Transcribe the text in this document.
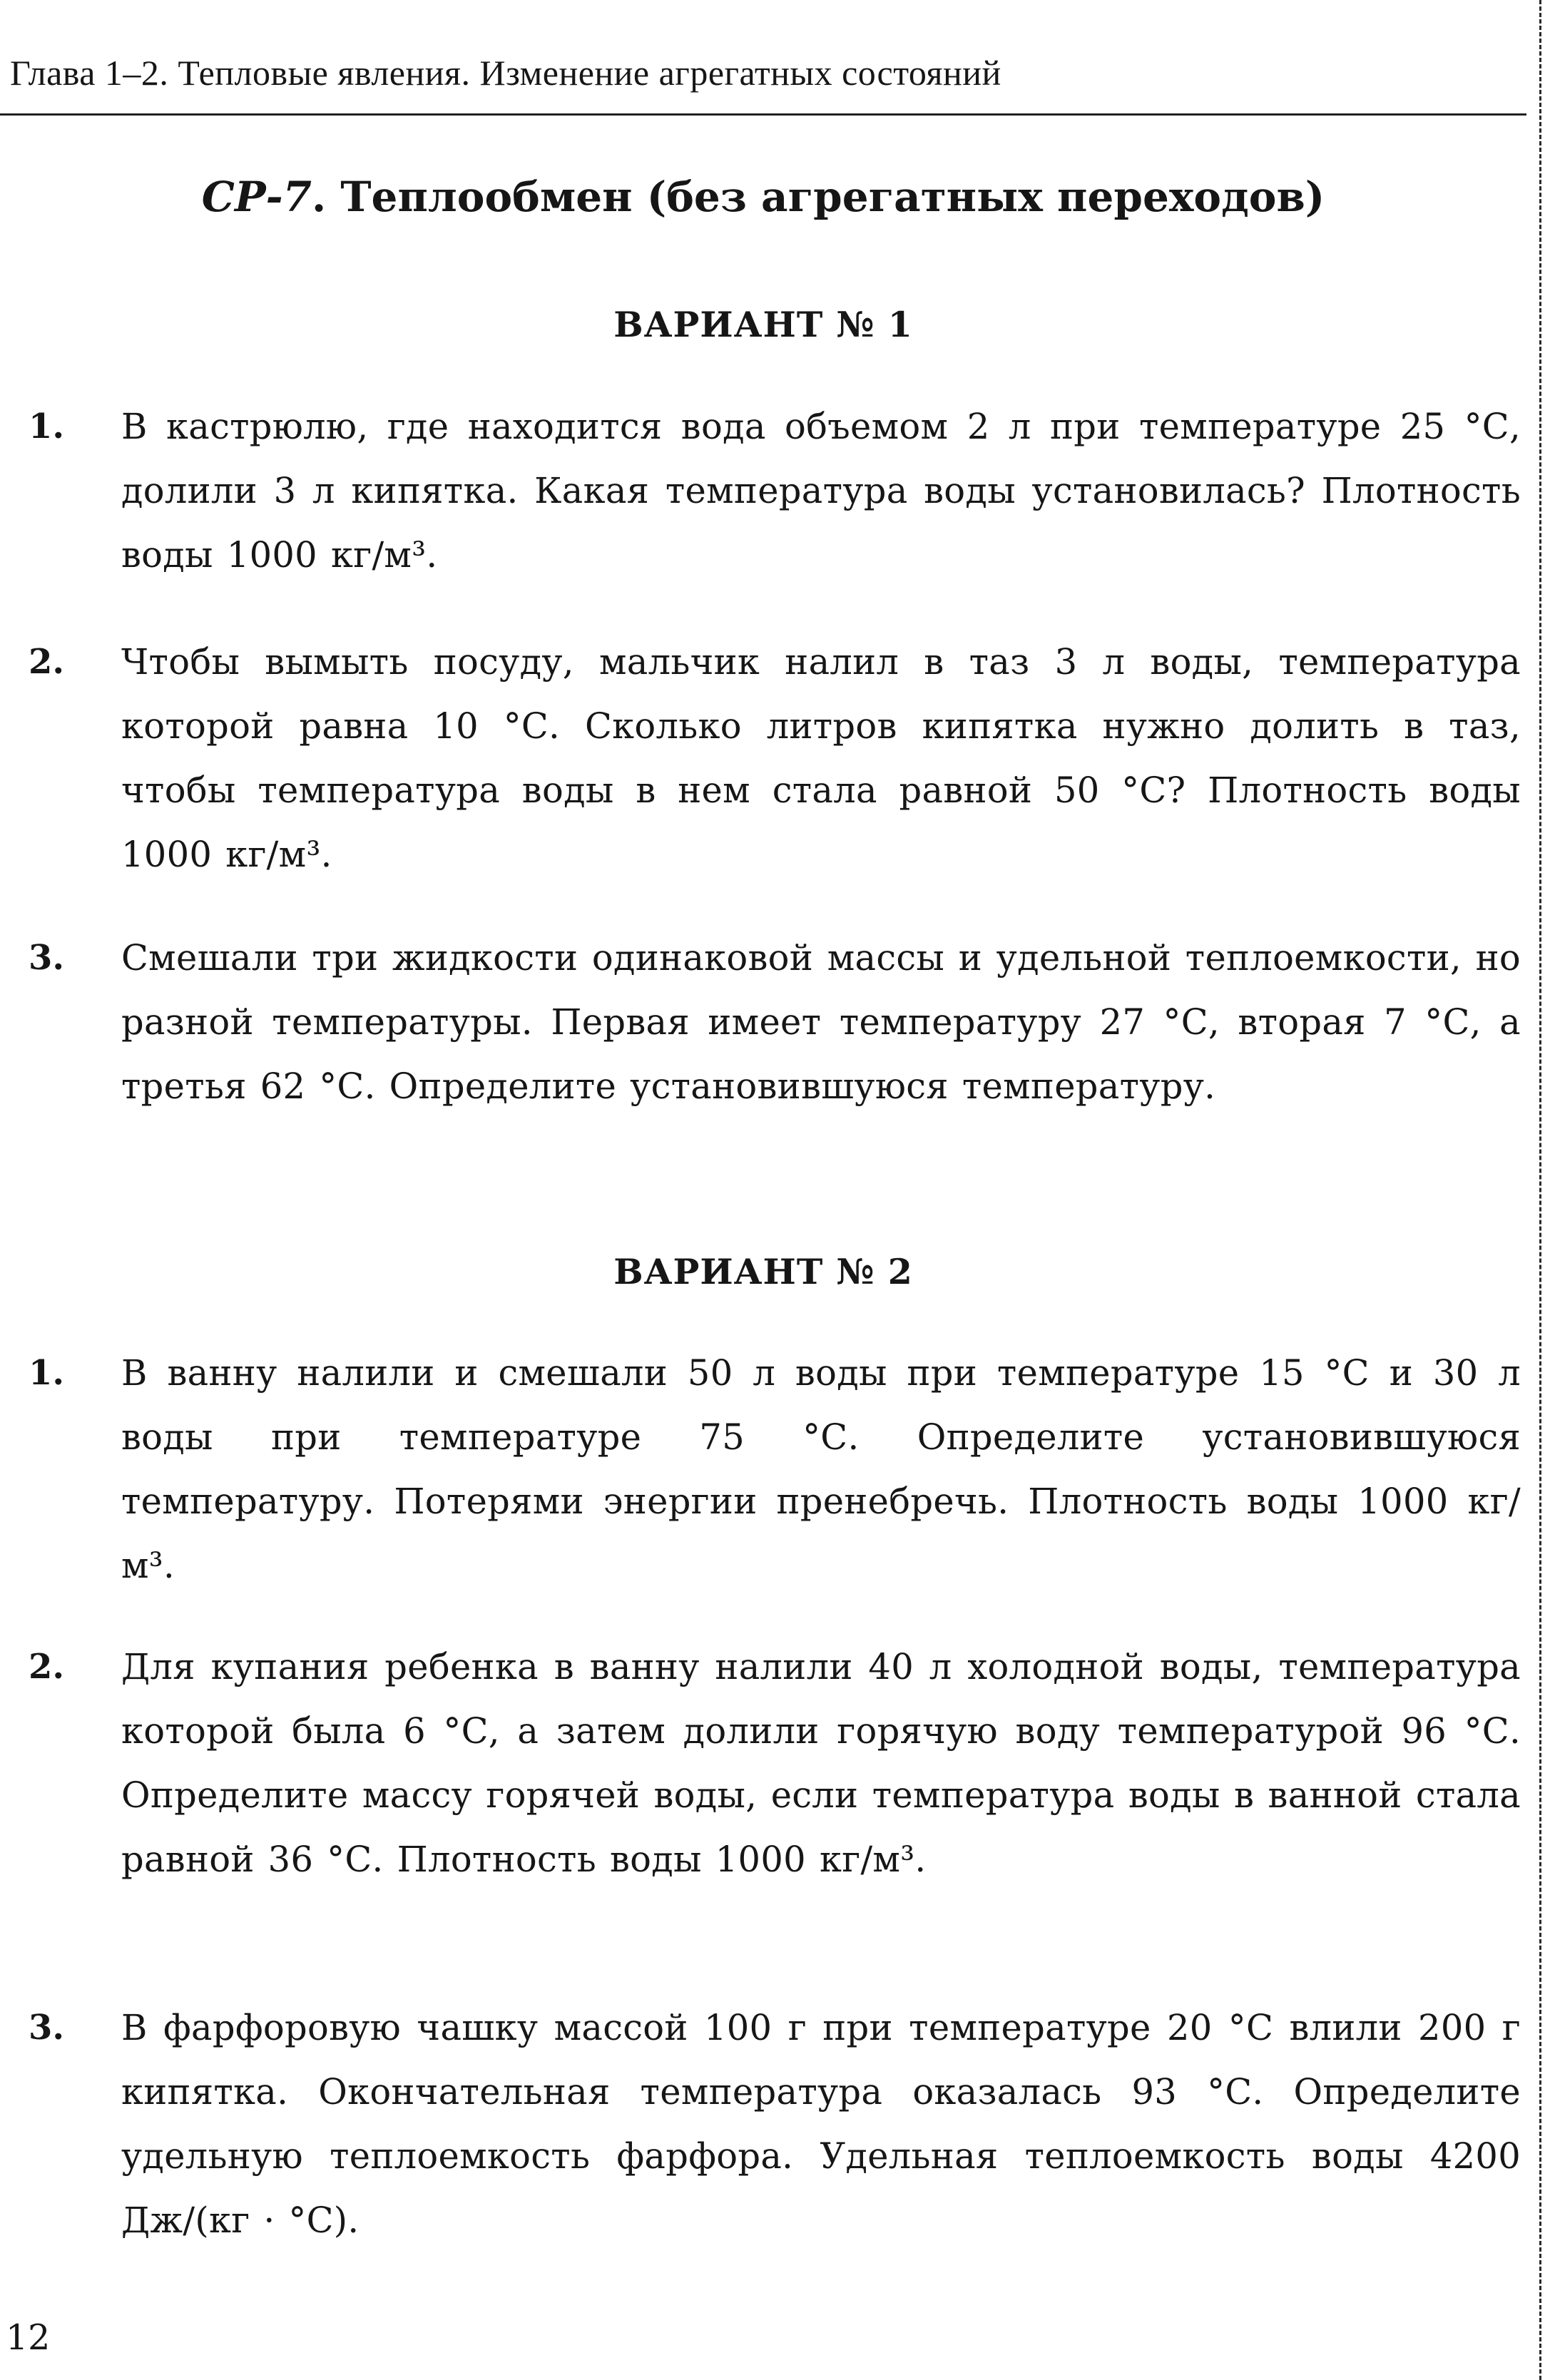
Глава 1–2. Тепловые явления. Изменение агрегатных состояний
СР-7. Теплообмен (без агрегатных переходов)
ВАРИАНТ № 1
1.	В кастрюлю, где находится вода объемом 2 л при температуре 25 °С, долили 3 л кипятка. Какая температура воды установилась? Плотность воды 1000 кг/м³.
2.	Чтобы вымыть посуду, мальчик налил в таз 3 л воды, температура которой равна 10 °С. Сколько литров кипятка нужно долить в таз, чтобы температура воды в нем стала равной 50 °С? Плотность воды 1000 кг/м³.
3.	Смешали три жидкости одинаковой массы и удельной теплоемкости, но разной температуры. Первая имеет температуру 27 °С, вторая 7 °С, а третья 62 °С. Определите установившуюся температуру.
ВАРИАНТ № 2
1.	В ванну налили и смешали 50 л воды при температуре 15 °С и 30 л воды при температуре 75 °С. Определите установившуюся температуру. Потерями энергии пренебречь. Плотность воды 1000 кг/м³.
2.	Для купания ребенка в ванну налили 40 л холодной воды, температура которой была 6 °С, а затем долили горячую воду температурой 96 °С. Определите массу горячей воды, если температура воды в ванной стала равной 36 °С. Плотность воды 1000 кг/м³.
3.	В фарфоровую чашку массой 100 г при температуре 20 °С влили 200 г кипятка. Окончательная температура оказалась 93 °С. Определите удельную теплоемкость фарфора. Удельная теплоемкость воды 4200 Дж/(кг · °С).
12
